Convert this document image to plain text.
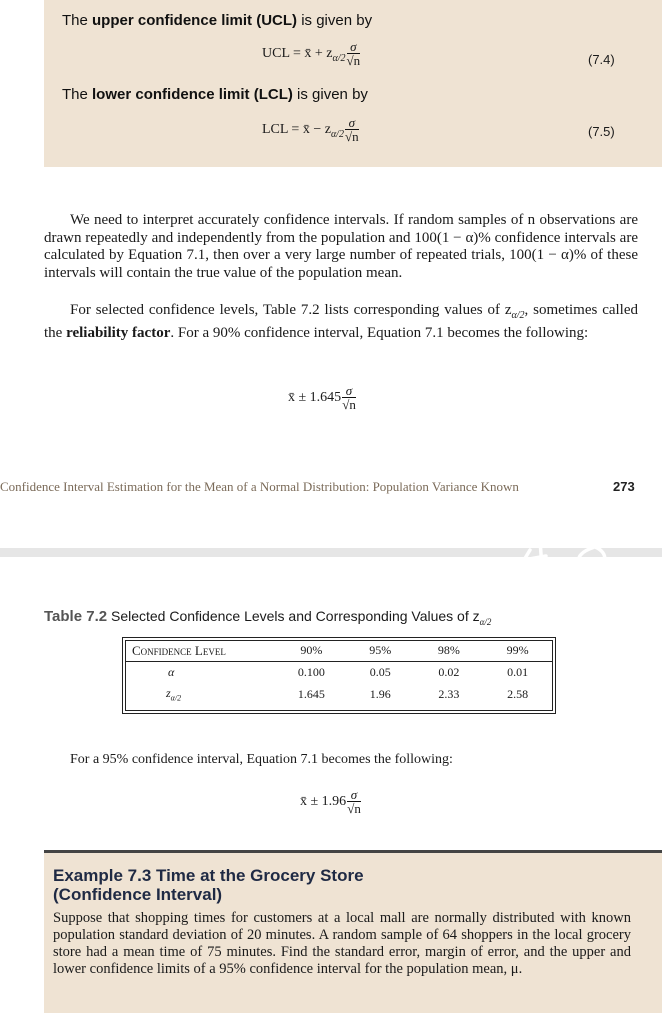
The upper confidence limit (UCL) is given by
UCL = x̄ + $z_{\alpha/2} \frac{\sigma}{√n}$	(7.4)
The lower confidence limit (LCL) is given by
LCL = x̄ − $z_{\alpha/2} \frac{\sigma}{√n}$	(7.5)
We need to interpret accurately confidence intervals. If random samples of n observations are drawn repeatedly and independently from the population and 100(1 − α)% confidence intervals are calculated by Equation 7.1, then over a very large number of repeated trials, 100(1 − α)% of these intervals will contain the true value of the population mean.
For selected confidence levels, Table 7.2 lists corresponding values of $z_{\alpha/2}$, sometimes called the reliability factor. For a 90% confidence interval, Equation 7.1 becomes the following:
x̄ ± $1.645 \frac{\sigma}{√n}$
Confidence Interval Estimation for the Mean of a Normal Distribution: Population Variance Known	273
Table 7.2 Selected Confidence Levels and Corresponding Values of $z_{\alpha/2}$
Confidence Level	90%	95%	98%	99%
α	0.100	0.05	0.02	0.01
$z_{\alpha/2}$	1.645	1.96	2.33	2.58
For a 95% confidence interval, Equation 7.1 becomes the following:
x̄ ± $1.96 \frac{\sigma}{√n}$
Example 7.3 Time at the Grocery Store
(Confidence Interval)
Suppose that shopping times for customers at a local mall are normally distributed with known population standard deviation of 20 minutes. A random sample of 64 shoppers in the local grocery store had a mean time of 75 minutes. Find the standard error, margin of error, and the upper and lower confidence limits of a 95% confidence interval for the population mean, μ.
